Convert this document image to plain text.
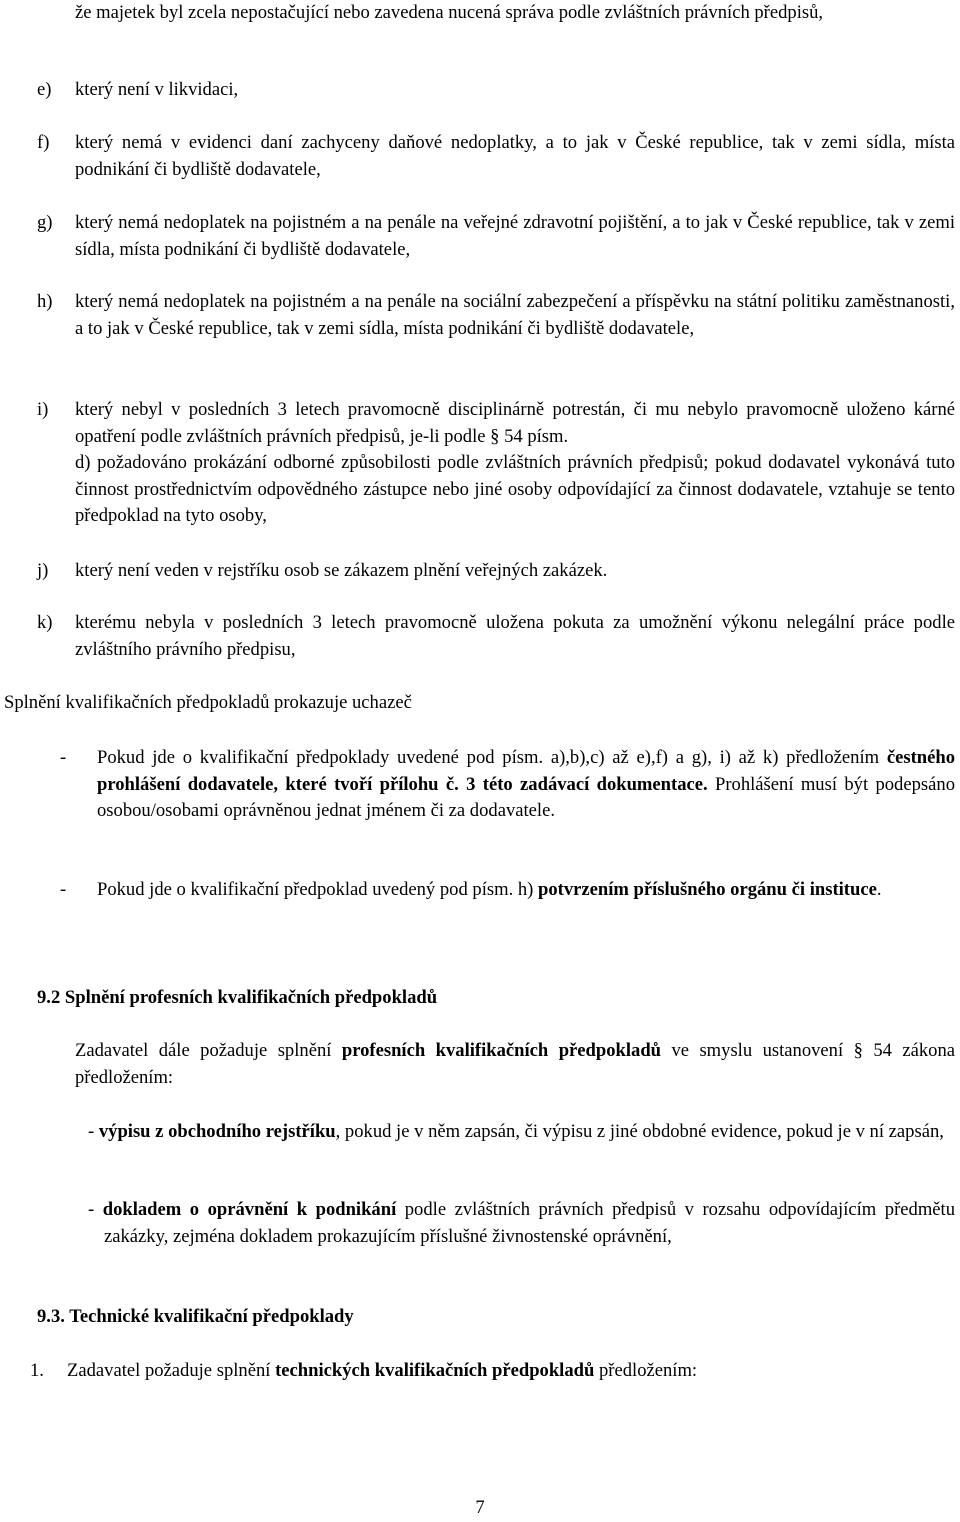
že majetek byl zcela nepostačující nebo zavedena nucená správa podle zvláštních právních předpisů,
e) který není v likvidaci,
f) který nemá v evidenci daní zachyceny daňové nedoplatky, a to jak v České republice, tak v zemi sídla, místa podnikání či bydliště dodavatele,
g) který nemá nedoplatek na pojistném a na penále na veřejné zdravotní pojištění, a to jak v České republice, tak v zemi sídla, místa podnikání či bydliště dodavatele,
h) který nemá nedoplatek na pojistném a na penále na sociální zabezpečení a příspěvku na státní politiku zaměstnanosti, a to jak v České republice, tak v zemi sídla, místa podnikání či bydliště dodavatele,
i) který nebyl v posledních 3 letech pravomocně disciplinárně potrestán, či mu nebylo pravomocně uloženo kárné opatření podle zvláštních právních předpisů, je-li podle § 54 písm.
d) požadováno prokázání odborné způsobilosti podle zvláštních právních předpisů; pokud dodavatel vykonává tuto činnost prostřednictvím odpovědného zástupce nebo jiné osoby odpovídající za činnost dodavatele, vztahuje se tento předpoklad na tyto osoby,
j) který není veden v rejstříku osob se zákazem plnění veřejných zakázek.
k) kterému nebyla v posledních 3 letech pravomocně uložena pokuta za umožnění výkonu nelegální práce podle zvláštního právního předpisu,
Splnění kvalifikačních předpokladů prokazuje uchazeč
- Pokud jde o kvalifikační předpoklady uvedené pod písm. a),b),c) až e),f) a g), i) až k) předložením čestného prohlášení dodavatele, které tvoří přílohu č. 3 této zadávací dokumentace. Prohlášení musí být podepsáno osobou/osobami oprávněnou jednat jménem či za dodavatele.
- Pokud jde o kvalifikační předpoklad uvedený pod písm. h) potvrzením příslušného orgánu či instituce.
9.2 Splnění profesních kvalifikačních předpokladů
Zadavatel dále požaduje splnění profesních kvalifikačních předpokladů ve smyslu ustanovení § 54 zákona předložením:
- výpisu z obchodního rejstříku, pokud je v něm zapsán, či výpisu z jiné obdobné evidence, pokud je v ní zapsán,
- dokladem o oprávnění k podnikání podle zvláštních právních předpisů v rozsahu odpovídajícím předmětu zakázky, zejména dokladem prokazujícím příslušné živnostenské oprávnění,
9.3. Technické kvalifikační předpoklady
1. Zadavatel požaduje splnění technických kvalifikačních předpokladů předložením:
7
